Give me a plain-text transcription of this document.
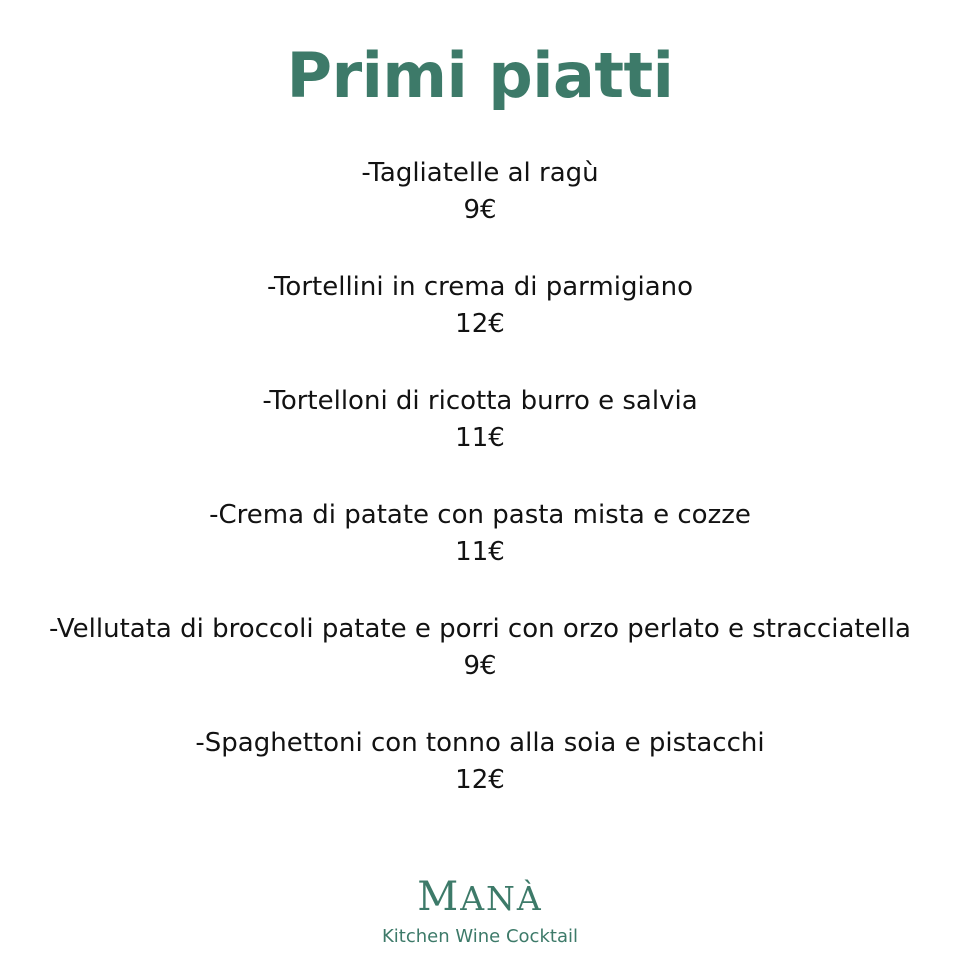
Primi piatti
-Tagliatelle al ragù
9€
-Tortellini in crema di parmigiano
12€
-Tortelloni di ricotta burro e salvia
11€
-Crema di patate con pasta mista e cozze
11€
-Vellutata di broccoli patate e porri con orzo perlato e stracciatella
9€
-Spaghettoni con tonno alla soia e pistacchi
12€
MANÀ
Kitchen Wine Cocktail
